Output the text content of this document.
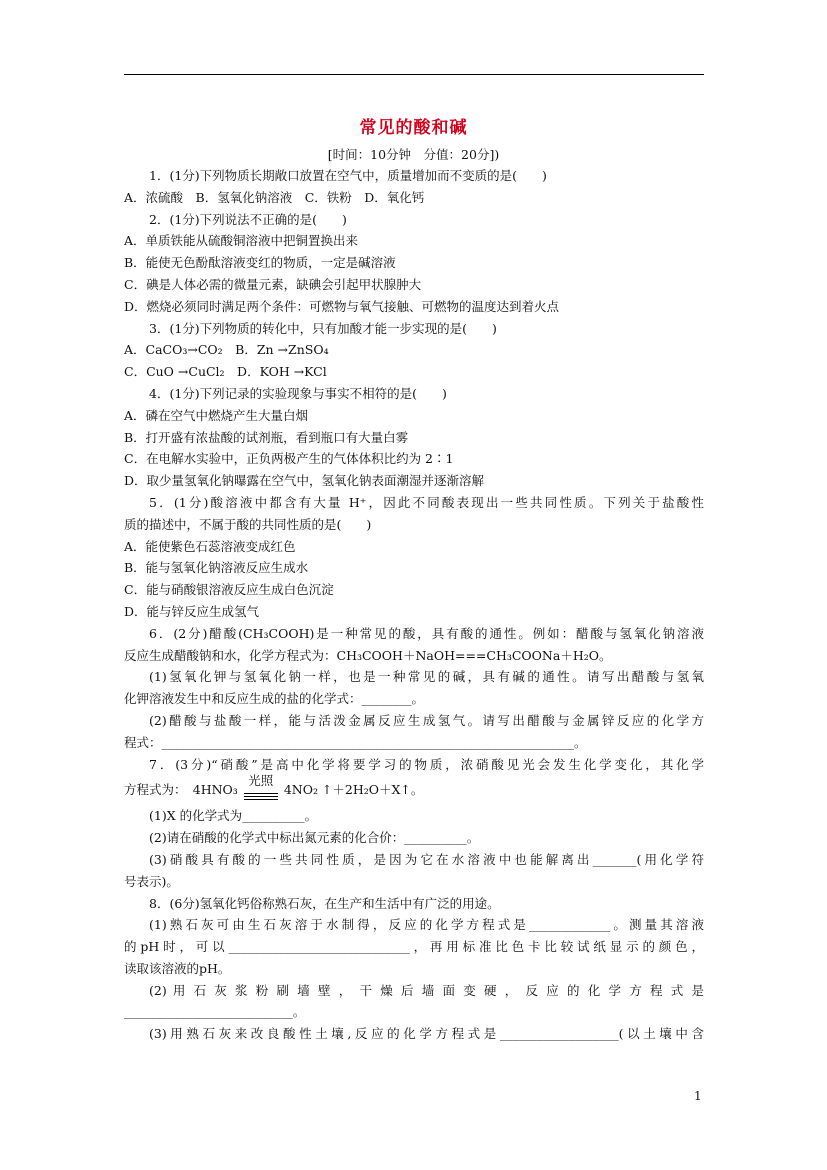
常见的酸和碱
[时间：10分钟　分值：20分])
1．(1分)下列物质长期敞口放置在空气中，质量增加而不变质的是(　　)
A．浓硫酸　B．氢氧化钠溶液　C．铁粉　D．氧化钙
2．(1分)下列说法不正确的是(　　)
A．单质铁能从硫酸铜溶液中把铜置换出来
B．能使无色酚酞溶液变红的物质，一定是碱溶液
C．碘是人体必需的微量元素，缺碘会引起甲状腺肿大
D．燃烧必须同时满足两个条件：可燃物与氧气接触、可燃物的温度达到着火点
3．(1分)下列物质的转化中，只有加酸才能一步实现的是(　　)
A．CaCO₃→CO₂　B．Zn →ZnSO₄
C．CuO →CuCl₂　D．KOH →KCl
4．(1分)下列记录的实验现象与事实不相符的是(　　)
A．磷在空气中燃烧产生大量白烟
B．打开盛有浓盐酸的试剂瓶，看到瓶口有大量白雾
C．在电解水实验中，正负两极产生的气体体积比约为 2∶1
D．取少量氢氧化钠曝露在空气中，氢氧化钠表面潮湿并逐渐溶解
5．(1分)酸溶液中都含有大量 H⁺，因此不同酸表现出一些共同性质。下列关于盐酸性
质的描述中，不属于酸的共同性质的是(　　)
A．能使紫色石蕊溶液变成红色
B．能与氢氧化钠溶液反应生成水
C．能与硝酸银溶液反应生成白色沉淀
D．能与锌反应生成氢气
6．(2分)醋酸(CH₃COOH)是一种常见的酸，具有酸的通性。例如：醋酸与氢氧化钠溶液
反应生成醋酸钠和水，化学方程式为：CH₃COOH＋NaOH===CH₃COONa＋H₂O。
(1)氢氧化钾与氢氧化钠一样，也是一种常见的碱，具有碱的通性。请写出醋酸与氢氧
化钾溶液发生中和反应生成的盐的化学式：________。
(2)醋酸与盐酸一样，能与活泼金属反应生成氢气。请写出醋酸与金属锌反应的化学方
程式：__________________________________________________________________。
7．(3分)“硝酸”是高中化学将要学习的物质，浓硝酸见光会发生化学变化，其化学
方程式为：　4HNO₃
光照
4NO₂ ↑＋2H₂O＋X↑。
(1)X 的化学式为__________。
(2)请在硝酸的化学式中标出氮元素的化合价：__________。
(3)硝酸具有酸的一些共同性质，是因为它在水溶液中也能解离出_______(用化学符
号表示)。
8．(6分)氢氧化钙俗称熟石灰，在生产和生活中有广泛的用途。
(1)熟石灰可由生石灰溶于水制得，反应的化学方程式是_____________。测量其溶液
的pH时，可以_____________________________，再用标准比色卡比较试纸显示的颜色，
读取该溶液的pH。
(2) 用 石 灰 浆 粉 刷 墙 壁 ， 干 燥 后 墙 面 变 硬 ， 反 应 的 化 学 方 程 式 是
___________________________。
(3)用熟石灰来改良酸性土壤,反应的化学方程式是___________________(以土壤中含
1
